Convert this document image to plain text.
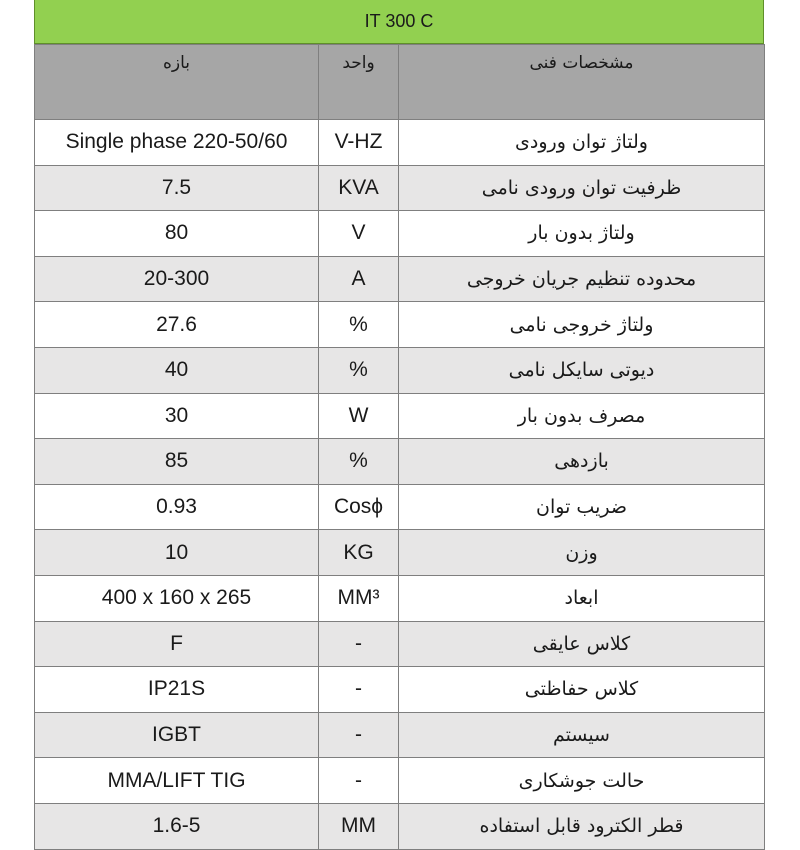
IT 300 C
بازه	واحد	مشخصات فنی
Single phase 220-50/60	V-HZ	ولتاژ توان ورودی
7.5	KVA	ظرفیت توان ورودی نامی
80	V	ولتاژ بدون بار
20-300	A	محدوده تنظیم جریان خروجی
27.6	%	ولتاژ خروجی نامی
40	%	دیوتی سایکل نامی
30	W	مصرف بدون بار
85	%	بازدهی
0.93	Cosϕ	ضریب توان
10	KG	وزن
400 x 160 x 265	MM³	ابعاد
F	-	کلاس عایقی
IP21S	-	کلاس حفاظتی
IGBT	-	سیستم
MMA/LIFT TIG	-	حالت جوشکاری
1.6-5	MM	قطر الکترود قابل استفاده
